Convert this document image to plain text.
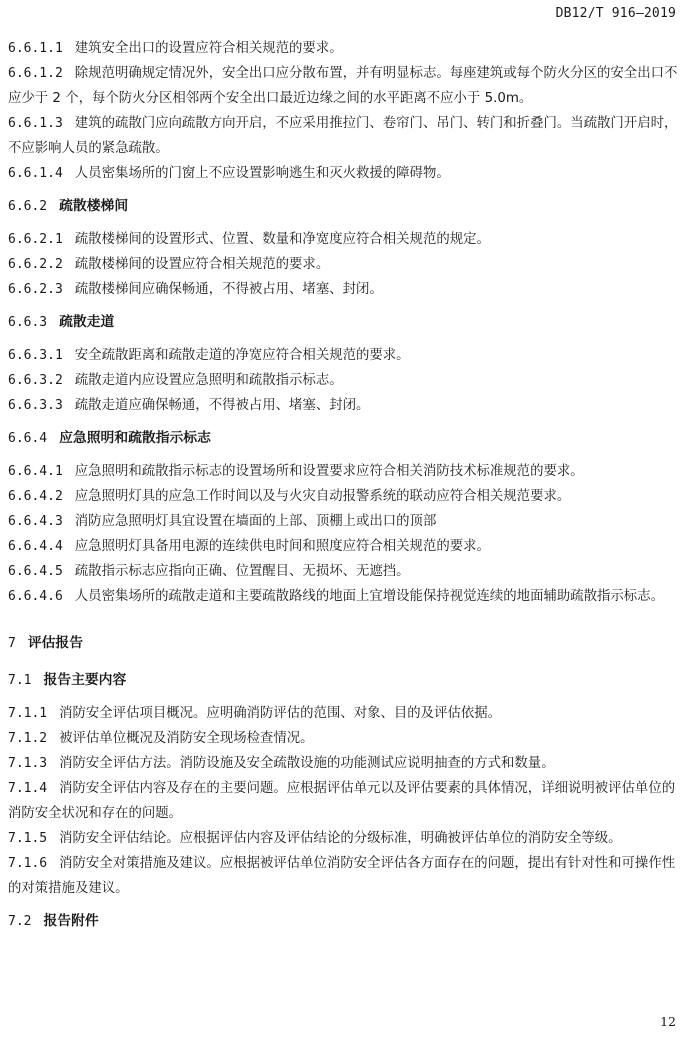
DB12/T 916—2019
6.6.1.1 建筑安全出口的设置应符合相关规范的要求。
6.6.1.2 除规范明确规定情况外，安全出口应分散布置，并有明显标志。每座建筑或每个防火分区的安全出口不应少于 2 个，每个防火分区相邻两个安全出口最近边缘之间的水平距离不应小于 5.0m。
6.6.1.3 建筑的疏散门应向疏散方向开启，不应采用推拉门、卷帘门、吊门、转门和折叠门。当疏散门开启时，不应影响人员的紧急疏散。
6.6.1.4 人员密集场所的门窗上不应设置影响逃生和灭火救援的障碍物。
6.6.2 疏散楼梯间
6.6.2.1 疏散楼梯间的设置形式、位置、数量和净宽度应符合相关规范的规定。
6.6.2.2 疏散楼梯间的设置应符合相关规范的要求。
6.6.2.3 疏散楼梯间应确保畅通，不得被占用、堵塞、封闭。
6.6.3 疏散走道
6.6.3.1 安全疏散距离和疏散走道的净宽应符合相关规范的要求。
6.6.3.2 疏散走道内应设置应急照明和疏散指示标志。
6.6.3.3 疏散走道应确保畅通，不得被占用、堵塞、封闭。
6.6.4 应急照明和疏散指示标志
6.6.4.1 应急照明和疏散指示标志的设置场所和设置要求应符合相关消防技术标准规范的要求。
6.6.4.2 应急照明灯具的应急工作时间以及与火灾自动报警系统的联动应符合相关规范要求。
6.6.4.3 消防应急照明灯具宜设置在墙面的上部、顶棚上或出口的顶部
6.6.4.4 应急照明灯具备用电源的连续供电时间和照度应符合相关规范的要求。
6.6.4.5 疏散指示标志应指向正确、位置醒目、无损坏、无遮挡。
6.6.4.6 人员密集场所的疏散走道和主要疏散路线的地面上宜增设能保持视觉连续的地面辅助疏散指示标志。
7 评估报告
7.1 报告主要内容
7.1.1 消防安全评估项目概况。应明确消防评估的范围、对象、目的及评估依据。
7.1.2 被评估单位概况及消防安全现场检查情况。
7.1.3 消防安全评估方法。消防设施及安全疏散设施的功能测试应说明抽查的方式和数量。
7.1.4 消防安全评估内容及存在的主要问题。应根据评估单元以及评估要素的具体情况，详细说明被评估单位的消防安全状况和存在的问题。
7.1.5 消防安全评估结论。应根据评估内容及评估结论的分级标准，明确被评估单位的消防安全等级。
7.1.6 消防安全对策措施及建议。应根据被评估单位消防安全评估各方面存在的问题，提出有针对性和可操作性的对策措施及建议。
7.2 报告附件
12
